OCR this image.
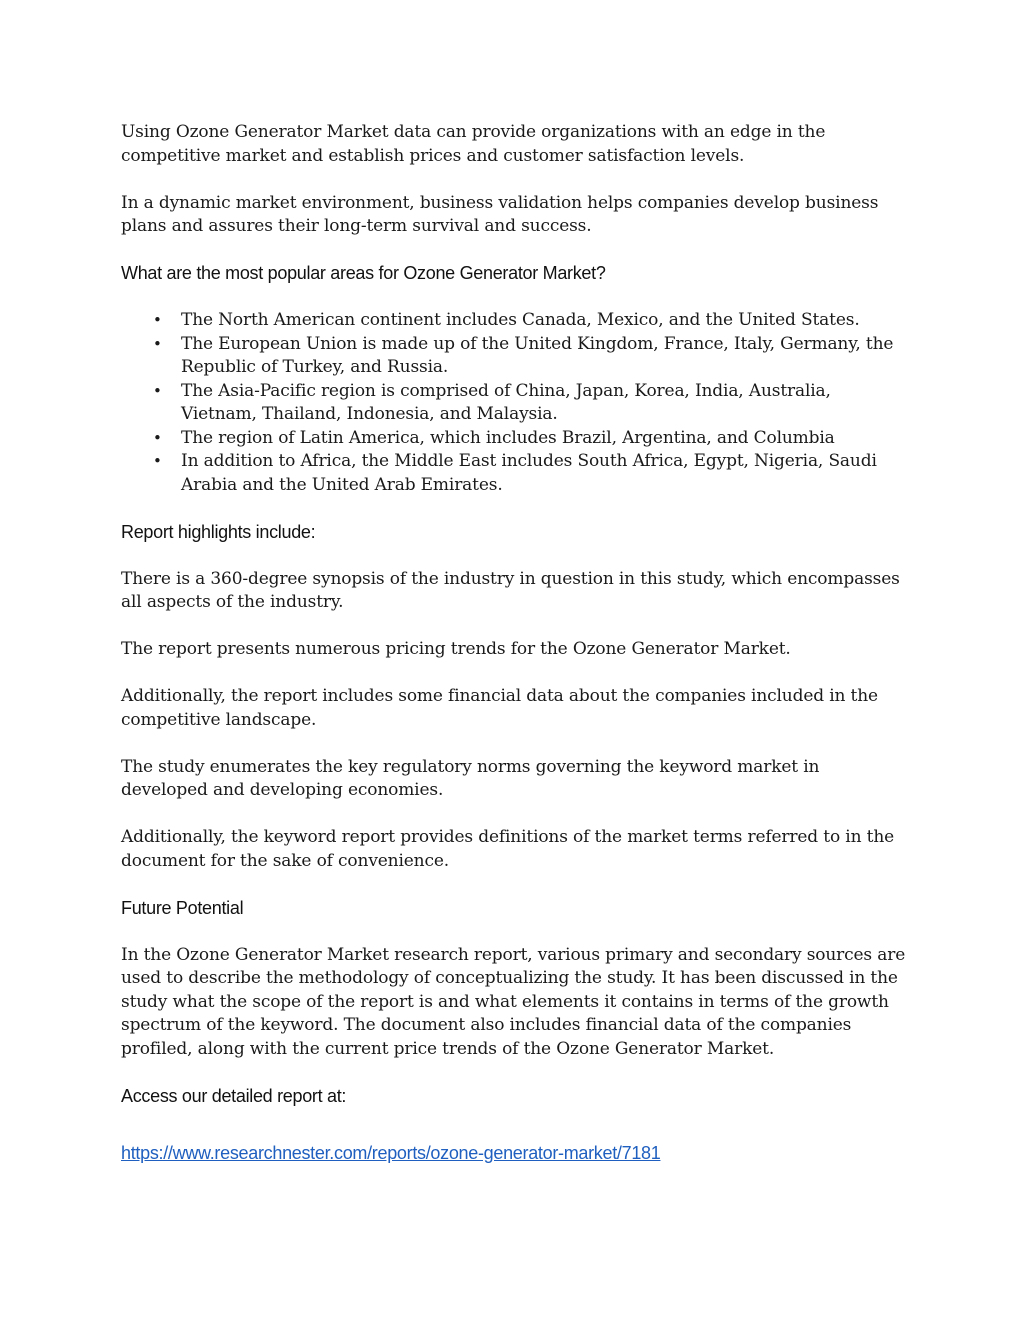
Using Ozone Generator Market data can provide organizations with an edge in the competitive market and establish prices and customer satisfaction levels.

In a dynamic market environment, business validation helps companies develop business plans and assures their long-term survival and success.

What are the most popular areas for Ozone Generator Market?

• The North American continent includes Canada, Mexico, and the United States.
• The European Union is made up of the United Kingdom, France, Italy, Germany, the Republic of Turkey, and Russia.
• The Asia-Pacific region is comprised of China, Japan, Korea, India, Australia, Vietnam, Thailand, Indonesia, and Malaysia.
• The region of Latin America, which includes Brazil, Argentina, and Columbia
• In addition to Africa, the Middle East includes South Africa, Egypt, Nigeria, Saudi Arabia and the United Arab Emirates.

Report highlights include:

There is a 360-degree synopsis of the industry in question in this study, which encompasses all aspects of the industry.

The report presents numerous pricing trends for the Ozone Generator Market.

Additionally, the report includes some financial data about the companies included in the competitive landscape.

The study enumerates the key regulatory norms governing the keyword market in developed and developing economies.

Additionally, the keyword report provides definitions of the market terms referred to in the document for the sake of convenience.

Future Potential

In the Ozone Generator Market research report, various primary and secondary sources are used to describe the methodology of conceptualizing the study. It has been discussed in the study what the scope of the report is and what elements it contains in terms of the growth spectrum of the keyword. The document also includes financial data of the companies profiled, along with the current price trends of the Ozone Generator Market.

Access our detailed report at:

https://www.researchnester.com/reports/ozone-generator-market/7181
